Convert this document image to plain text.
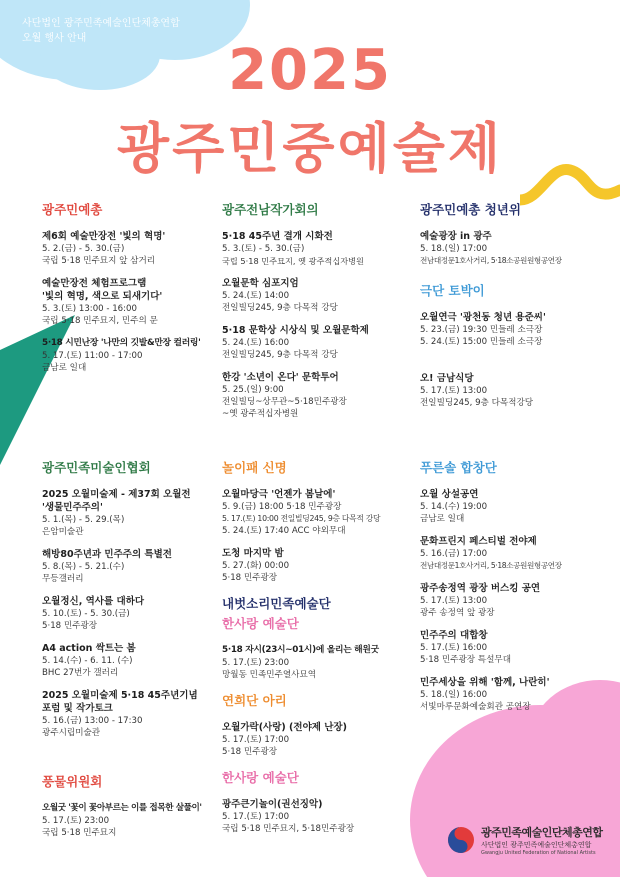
사단법인 광주민족예술인단체총연합
오월 행사 안내	2025
광주민중예술제
광주민예총
제6회 예술만장전 '빛의 혁명'
5. 2.(금) - 5. 30.(금)
국립 5·18 민주묘지 앞 삼거리
예술만장전 체험프로그램
'빛의 혁명, 색으로 되새기다'
5. 3.(토) 13:00 - 16:00
국립 5·18 민주묘지, 민주의 문
5·18 시민난장 '나만의 깃발&만장 컬러링'
5. 17.(토) 11:00 - 17:00
금남로 일대
광주민족미술인협회
2025 오월미술제 - 제37회 오월전
'생물민주주의'
5. 1.(목) - 5. 29.(목)
은암미술관
해방80주년과 민주주의 특별전
5. 8.(목) - 5. 21.(수)
무등갤러리
오월정신, 역사를 대하다
5. 10.(토) - 5. 30.(금)
5·18 민주광장
A4 action 싹트는 봄
5. 14.(수) - 6. 11. (수)
BHC 27번가 갤러리
2025 오월미술제 5·18 45주년기념
포럼 및 작가토크
5. 16.(금) 13:00 - 17:30
광주시립미술관
풍물위원회
오월굿 '꽃이 꽃아부르는 이를 접목한 살풀이'
5. 17.(토) 23:00
국립 5·18 민주묘지
광주전남작가회의
5·18 45주년 결개 시화전
5. 3.(토) - 5. 30.(금)
국립 5·18 민주묘지, 옛 광주적십자병원
오월문학 심포지엄
5. 24.(토) 14:00
전일빌딩245, 9층 다목적 강당
5·18 문학상 시상식 및 오월문학제
5. 24.(토) 16:00
전일빌딩245, 9층 다목적 강당
한강 '소년이 온다' 문학투어
5. 25.(일) 9:00
전일빌딩~상무관~5·18민주광장
~옛 광주적십자병원
놀이패 신명
오월마당극 '언젠가 봄날에'
5. 9.(금) 18:00 5·18 민주광장
5. 17.(토) 10:00 전일빌딩245, 9층 다목적 강당
5. 24.(토) 17:40 ACC 야외무대
도청 마지막 밤
5. 27.(화) 00:00
5·18 민주광장
내벗소리민족예술단
한사랑 예술단
5·18 자시(23시~01시)에 올리는 해원굿
5. 17.(토) 23:00
망월동 민족민주열사묘역
연희단 아리
오월가락(사랑) (전야제 난장)
5. 17.(토) 17:00
5·18 민주광장
한사랑 예술단
광주큰기놀이(권선징악)
5. 17.(토) 17:00
국립 5·18 민주묘지, 5·18민주광장
광주민예총 청년위
예술광장 in 광주
5. 18.(일) 17:00
전남대정문1호사거리, 5·18소공원원형공연장
극단 토박이
오월연극 '광천동 청년 용준씨'
5. 23.(금) 19:30 민들레 소극장
5. 24.(토) 15:00 민들레 소극장
오! 금남식당
5. 17.(토) 13:00
전일빌딩245, 9층 다목적강당
푸른솔 합창단
오월 상설공연
5. 14.(수) 19:00
금남로 일대
문화프린지 페스티벌 전야제
5. 16.(금) 17:00
전남대정문1호사거리, 5·18소공원원형공연장
광주송정역 광장 버스킹 공연
5. 17.(토) 13:00
광주 송정역 앞 광장
민주주의 대합창
5. 17.(토) 16:00
5·18 민주광장 특설무대
민주세상을 위해 '함께, 나란히'
5. 18.(일) 16:00
서빛마루문화예술회관 공연장
광주민족예술인단체총연합
사단법인 광주민족예술인단체총연합
Gwangju United Federation of National Artists
